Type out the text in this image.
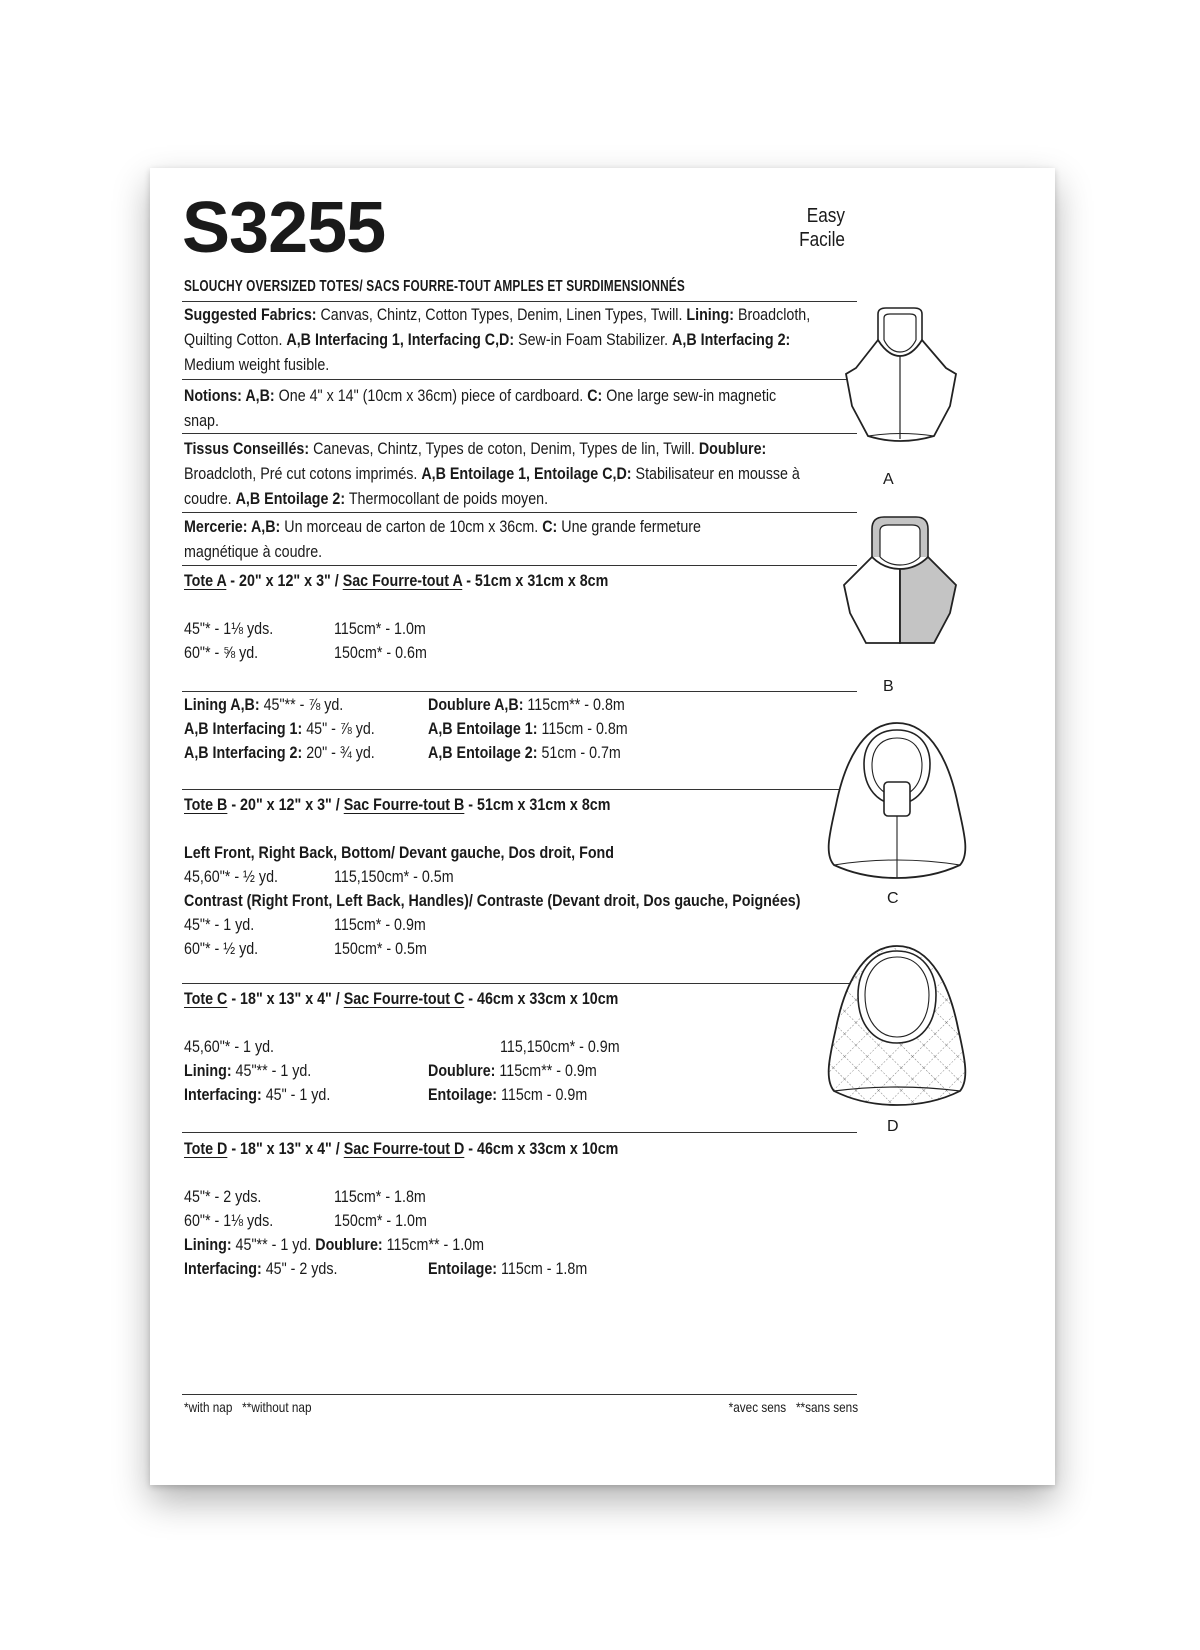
S3255	Easy
Facile
SLOUCHY OVERSIZED TOTES/ SACS FOURRE-TOUT AMPLES ET SURDIMENSIONNÉS

Suggested Fabrics: Canvas, Chintz, Cotton Types, Denim, Linen Types, Twill. Lining: Broadcloth,

Quilting Cotton. A,B Interfacing 1, Interfacing C,D: Sew-in Foam Stabilizer. A,B Interfacing 2:

Medium weight fusible.

Notions: A,B: One 4" x 14" (10cm x 36cm) piece of cardboard. C: One large sew-in magnetic

snap.

Tissus Conseillés: Canevas, Chintz, Types de coton, Denim, Types de lin, Twill. Doublure:

Broadcloth, Pré cut cotons imprimés. A,B Entoilage 1, Entoilage C,D: Stabilisateur en mousse à

coudre. A,B Entoilage 2: Thermocollant de poids moyen.

Mercerie: A,B: Un morceau de carton de 10cm x 36cm. C: Une grande fermeture

magnétique à coudre.

Tote A - 20" x 12" x 3" / Sac Fourre-tout A - 51cm x 31cm x 8cm
45"* - 1⅛ yds.	115cm* - 1.0m
60"* - ⅝ yd.	150cm* - 0.6m
Lining A,B: 45"** - ⅞ yd.	Doublure A,B: 115cm** - 0.8m
A,B Interfacing 1: 45" - ⅞ yd.	A,B Entoilage 1: 115cm - 0.8m
A,B Interfacing 2: 20" - ¾ yd.	A,B Entoilage 2: 51cm - 0.7m
Tote B - 20" x 12" x 3" / Sac Fourre-tout B - 51cm x 31cm x 8cm
Left Front, Right Back, Bottom/ Devant gauche, Dos droit, Fond
45,60"* - ½ yd.	115,150cm* - 0.5m
Contrast (Right Front, Left Back, Handles)/ Contraste (Devant droit, Dos gauche, Poignées)
45"* - 1 yd.	115cm* - 0.9m
60"* - ½ yd.	150cm* - 0.5m
Tote C - 18" x 13" x 4" / Sac Fourre-tout C - 46cm x 33cm x 10cm
45,60"* - 1 yd.	115,150cm* - 0.9m
Lining: 45"** - 1 yd.	Doublure: 115cm** - 0.9m
Interfacing: 45" - 1 yd.	Entoilage: 115cm - 0.9m
Tote D - 18" x 13" x 4" / Sac Fourre-tout D - 46cm x 33cm x 10cm
45"* - 2 yds.	115cm* - 1.8m
60"* - 1⅛ yds.	150cm* - 1.0m
Lining: 45"** - 1 yd. Doublure: 115cm** - 1.0m
Interfacing: 45" - 2 yds.	Entoilage: 115cm - 1.8m
*with nap   **without nap	*avec sens   **sans sens
A
B
C
D
